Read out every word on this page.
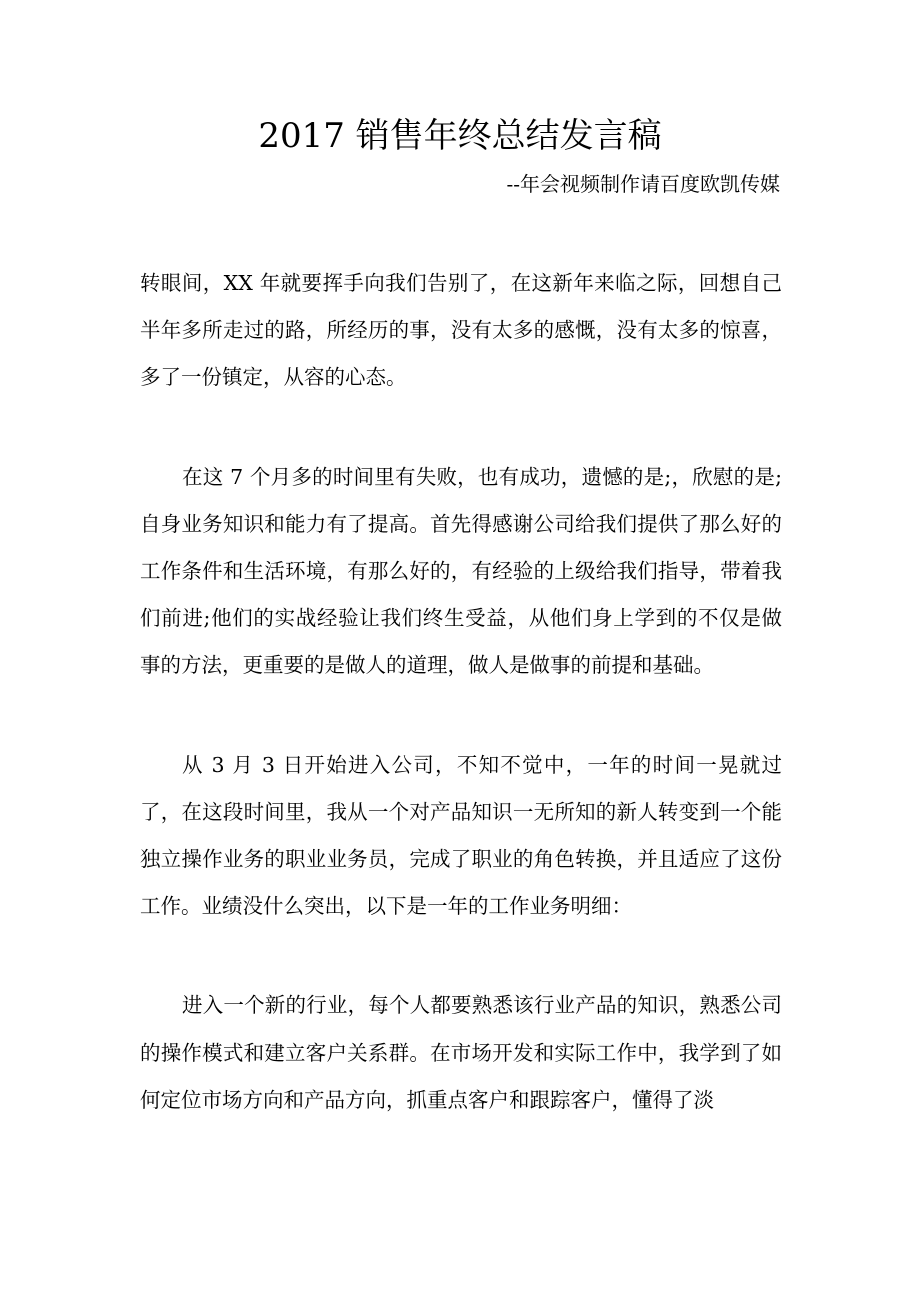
2017 销售年终总结发言稿

--年会视频制作请百度欧凯传媒

转眼间，XX 年就要挥手向我们告别了，在这新年来临之际，回想自己半年多所走过的路，所经历的事，没有太多的感慨，没有太多的惊喜，多了一份镇定，从容的心态。

在这 7 个月多的时间里有失败，也有成功，遗憾的是;，欣慰的是;自身业务知识和能力有了提高。首先得感谢公司给我们提供了那么好的工作条件和生活环境，有那么好的，有经验的上级给我们指导，带着我们前进;他们的实战经验让我们终生受益，从他们身上学到的不仅是做事的方法，更重要的是做人的道理，做人是做事的前提和基础。

从 3 月 3 日开始进入公司，不知不觉中，一年的时间一晃就过了，在这段时间里，我从一个对产品知识一无所知的新人转变到一个能独立操作业务的职业业务员，完成了职业的角色转换，并且适应了这份工作。业绩没什么突出，以下是一年的工作业务明细：

进入一个新的行业，每个人都要熟悉该行业产品的知识，熟悉公司的操作模式和建立客户关系群。在市场开发和实际工作中，我学到了如何定位市场方向和产品方向，抓重点客户和跟踪客户，懂得了淡
